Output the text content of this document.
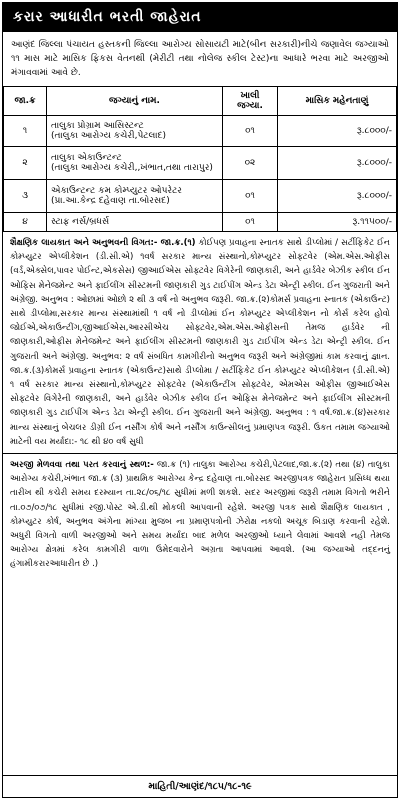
કરાર આધારીત ભરતી જાહેરાત
આણંદ જિલ્લા પંચાયત હસ્તકની જિલ્લા આરોગ્ય સોસાયટી માટે(બીન સરકારી)નીચે જણાવેલ જગ્યાઓ ૧૧ માસ માટે માસિક ફિકસ વેતનથી (મેરીટી તથા નોલેજ સ્કીલ ટેસ્ટ)ના આધારે ભરવા માટે અરજીઓ મંગાવવામાં આવે છે.
જા.ક્ર	જગ્યાનું નામ.	ખાલી જગ્યા.	માસિક મહેનતાણું
૧	તાલુકા પ્રોગ્રામ આસિસ્ટન્ટ
(તાલુકા આરોગ્ય કચેરી,પેટલાદ)	૦૧	રૂ.૮૦૦૦/-
૨	તાલુકા એકાઉન્ટન્ટ
(તાલુકા આરોગ્ય કચેરી,,ખંભાત,તથા તારાપુર)	૦૨	રૂ.૮૦૦૦/-
૩	એકાઉન્ટન્ટ કમ કોમ્પ્યુટર ઓપરેટર
(પ્રા.આ.કેન્દ્ર દહેવાણ તા.બોરસદ)	૦૧	રૂ.૮૦૦૦/-
૪	સ્ટાફ નર્સ/બ્રધર્સ	૦૧	રૂ.૧૧૫૦૦/-
શૈક્ષણિક લાયકાત અને અનુભવની વિગત:- જા.ક્ર.(૧) કોઈપણ પ્રવાહના સ્નાતક સાથે ડીપ્લોમાં / સર્ટીફિકેટ ઈન કોમ્પ્યુટર એપ્લીકેશન (ડી.સી.એ) ૧વર્ષ સરકાર માન્ય સંસ્થાનો,કોમ્પ્યુટર સોફ્ટવેર (એમ.એસ.ઓફીસ (વર્ડ,એક્સેલ,પાવર પોઈન્ટ,એકસેસ) જીઆઈએસ સોફ્ટવેર વિગેરેની જાણકારી, અને હાર્ડવેર બેઝીક સ્કીલ ઈન ઓફિસ મેનેજમેન્ટ અને ફાઈલીંગ સીસ્ટમની જાણકારી ગુડ ટાઈપીંગ એન્ડ ડેટા એન્ટ્રી સ્કીલ. ઈન ગુજરાતી અને અંગ્રેજી. અનુભવ : ઓછામાં ઓછો ૨ થી ૩ વર્ષ નો અનુભવ જરૂરી. જા.ક્ર.(૨)કોમર્સ પ્રવાહના સ્નાતક (એકાઉન્ટ) સાથે ડીપ્લોમા,સરકાર માન્ય સંસ્થામાંથી ૧ વર્ષ નો ડીપ્લોમાં ઈન કોમ્પ્યુટર એપ્લીકેશન નો કોર્સ કરેલ હોવો જોઈએ,એકાઉન્ટીંગ,જીઆઈએસ,આરસીએચ સોફ્ટવેર,એમ.એસ.ઓફીસની તેમજ હાર્ડવેર ની જાણકારી,ઓફીસ મેનેજમેન્ટ અને ફાઈલીંગ સીસ્ટમની જાણકારી ગુડ ટાઈપીંગ એન્ડ ડેટા એન્ટ્રી સ્કીલ. ઈન ગુજરાતી અને અંગ્રેજી. અનુભવ: ૨ વર્ષ સંબધિત કામગીરીનો અનુભવ જરૂરી અને અંગ્રેજીમાં કામ કરવાનું જ્ઞાન. જા.ક્ર.(૩)કોમર્સ પ્રવાહના સ્નાતક (એકાઉન્ટ)સાથે ડીપ્લોમા / સર્ટીફિકેટ ઈન કોમ્પ્યુટર એપ્લીકેશન (ડી.સી.એ) ૧ વર્ષ સરકાર માન્ય સંસ્થાનો,કોમ્પ્યુટર સોફ્ટવેર (એકાઉન્ટીંગ સોફ્ટવેર, એમએસ ઓફીસ જીઆઈએસ સોફ્ટવેર વિગેરેની જાણકારી, અને હાર્ડવેર બેઝીક સ્કીલ ઈન ઓફિસ મેનેજમેન્ટ અને ફાઈલીંગ સીસ્ટમની જાણકારી ગુડ ટાઈપીંગ એન્ડ ડેટા એન્ટ્રી સ્કીલ. ઈન ગુજરાતી અને અંગ્રેજી. અનુભવ : ૧ વર્ષ.જા.ક્ર.(૪)સરકાર માન્ય સંસ્થાનું બેચલર ડીગ્રી ઈન નર્સીંગ કોર્ષ અને નર્સીંગ કાઉન્સીલનું પ્રમાણપત્ર જરૂરી. ઉકત તમામ જગ્યાઓ માટેની વય મર્યાદા:- ૧૮ થી ૪૦ વર્ષ સુધી
અરજી મેળવવા તથા પરત કરવાનું સ્થળ:- જા.ક્ર (૧) તાલુકા આરોગ્ય કચેરી,પેટલાદ,જા.ક્ર.(૨) તથા (૪) તાલુકા આરોગ્ય કચેરી,ખંભાત જા.ક્ર (૩) પ્રાથમિક આરોગ્ય કેન્દ્ર દહેવાણ તા.બોરસદ અરજીપત્રક જાહેરાત પ્રસિધ્ધ થયા તારીખ થી કચેરી સમય દરમ્યાન તા.૨૮/૦૬/૧૮ સુધીમાં મળી શકશે. સદર અરજીમાં જરૂરી તમામ વિગતો ભરીને તા.૦૭/૦૭/૧૮ સુધીમાં રજી.પોસ્ટ એ.ડી.થી મોકલી આપવાની રહેશે. અરજી પત્રક સાથે શૈક્ષણિક લાયકાત , કોમ્પ્યુટર કોર્ષ, અનુભવ અંગેના માંગ્યા મુજબ ના પ્રમાણપત્રોની ઝેરોક્ષ નકલો અચૂક બિડાણ કરવાની રહેશે. અધુરી વિગતો વાળી અરજીઓ અને સમય મર્યાદા બાદ મળેલ અરજીઓ ધ્યાને લેવામાં આવશે નહી તેમજ આરોગ્ય ક્ષેત્રમાં કરેલ કામગીરી વાળા ઉમેદવારોને અગ્રતા આપવામાં આવશે. (આ જગ્યાઓ તદ્દનનું હંગામીકરારઆધારીત છે .)
માહિતી/આણંદ/૧૮૫/૧૮-૧૯
